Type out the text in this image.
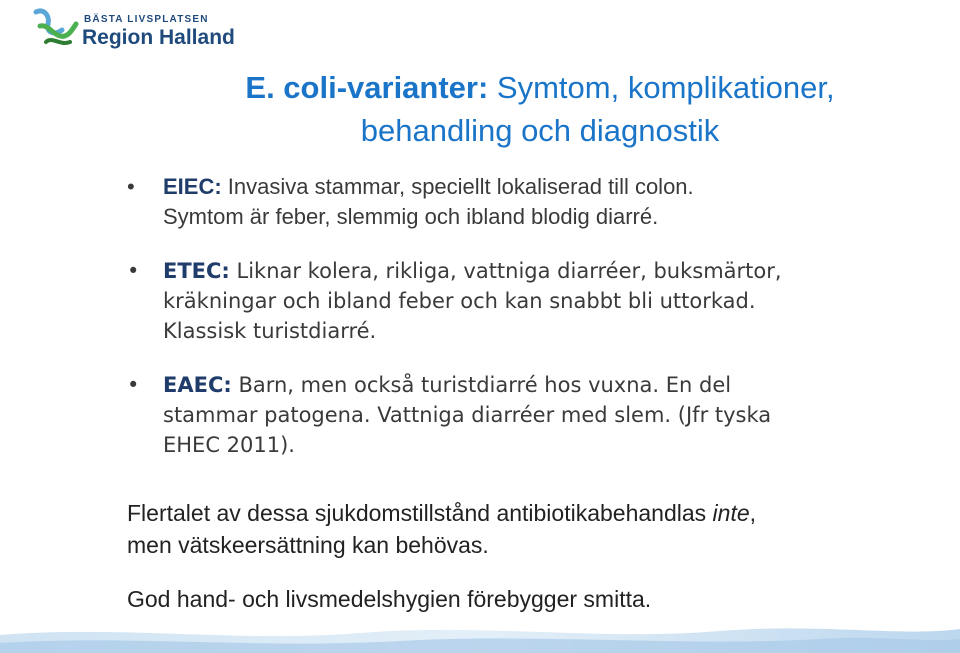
BÄSTA LIVSPLATSEN
Region Halland
E. coli-varianter: Symtom, komplikationer,
behandling och diagnostik
• EIEC: Invasiva stammar, speciellt lokaliserad till colon.
Symtom är feber, slemmig och ibland blodig diarré.
• ETEC: Liknar kolera, rikliga, vattniga diarréer, buksmärtor,
kräkningar och ibland feber och kan snabbt bli uttorkad.
Klassisk turistdiarré.
• EAEC: Barn, men också turistdiarré hos vuxna. En del
stammar patogena. Vattniga diarréer med slem. (Jfr tyska
EHEC 2011).
Flertalet av dessa sjukdomstillstånd antibiotikabehandlas inte,
men vätskeersättning kan behövas.
God hand- och livsmedelshygien förebygger smitta.
